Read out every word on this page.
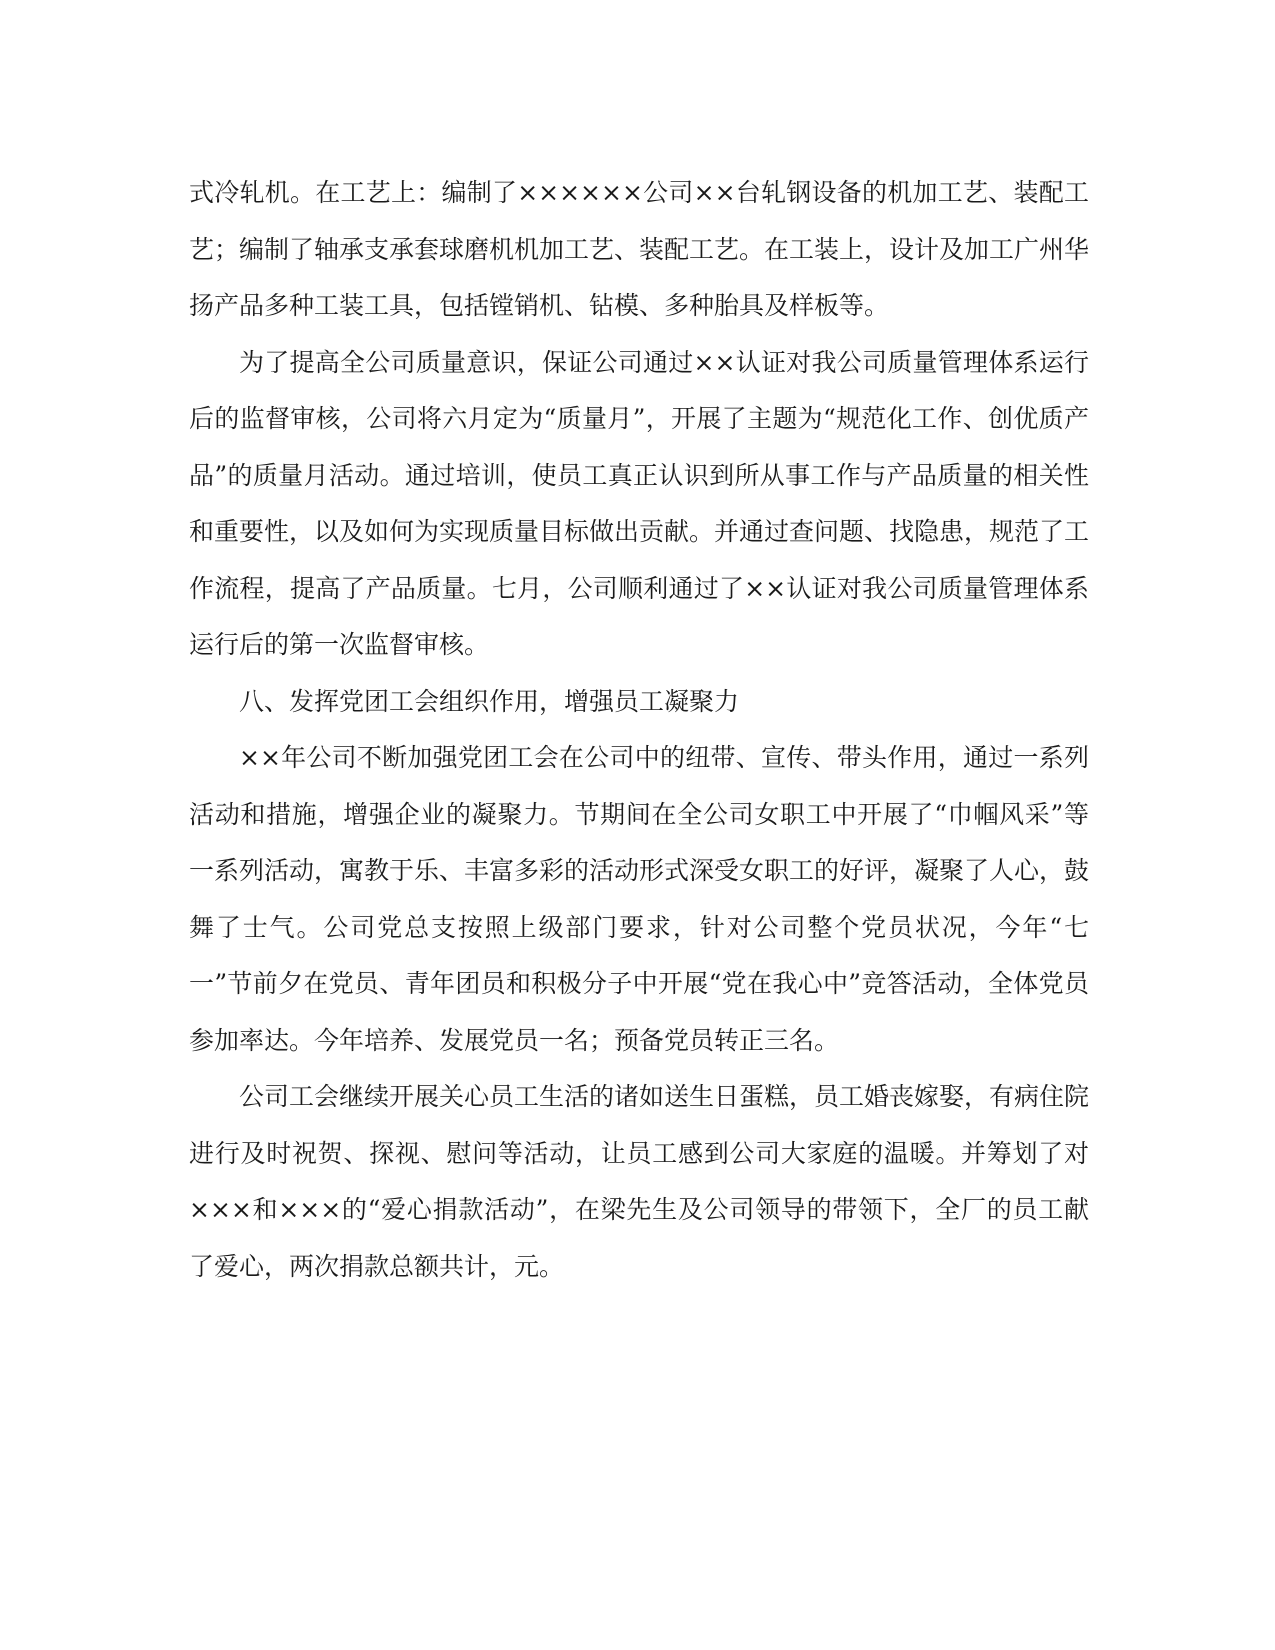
式冷轧机。在工艺上：编制了××××××公司××台轧钢设备的机加工艺、装配工艺；编制了轴承支承套球磨机机加工艺、装配工艺。在工装上，设计及加工广州华扬产品多种工装工具，包括镗销机、钻模、多种胎具及样板等。

为了提高全公司质量意识，保证公司通过××认证对我公司质量管理体系运行后的监督审核，公司将六月定为“质量月”，开展了主题为“规范化工作、创优质产品”的质量月活动。通过培训，使员工真正认识到所从事工作与产品质量的相关性和重要性，以及如何为实现质量目标做出贡献。并通过查问题、找隐患，规范了工作流程，提高了产品质量。七月，公司顺利通过了××认证对我公司质量管理体系运行后的第一次监督审核。

八、发挥党团工会组织作用，增强员工凝聚力

××年公司不断加强党团工会在公司中的纽带、宣传、带头作用，通过一系列活动和措施，增强企业的凝聚力。节期间在全公司女职工中开展了“巾帼风采”等一系列活动，寓教于乐、丰富多彩的活动形式深受女职工的好评，凝聚了人心，鼓舞了士气。公司党总支按照上级部门要求，针对公司整个党员状况，今年“七一”节前夕在党员、青年团员和积极分子中开展“党在我心中”竞答活动，全体党员参加率达。今年培养、发展党员一名；预备党员转正三名。

公司工会继续开展关心员工生活的诸如送生日蛋糕，员工婚丧嫁娶，有病住院进行及时祝贺、探视、慰问等活动，让员工感到公司大家庭的温暖。并筹划了对×××和×××的“爱心捐款活动”，在梁先生及公司领导的带领下，全厂的员工献了爱心，两次捐款总额共计，元。
